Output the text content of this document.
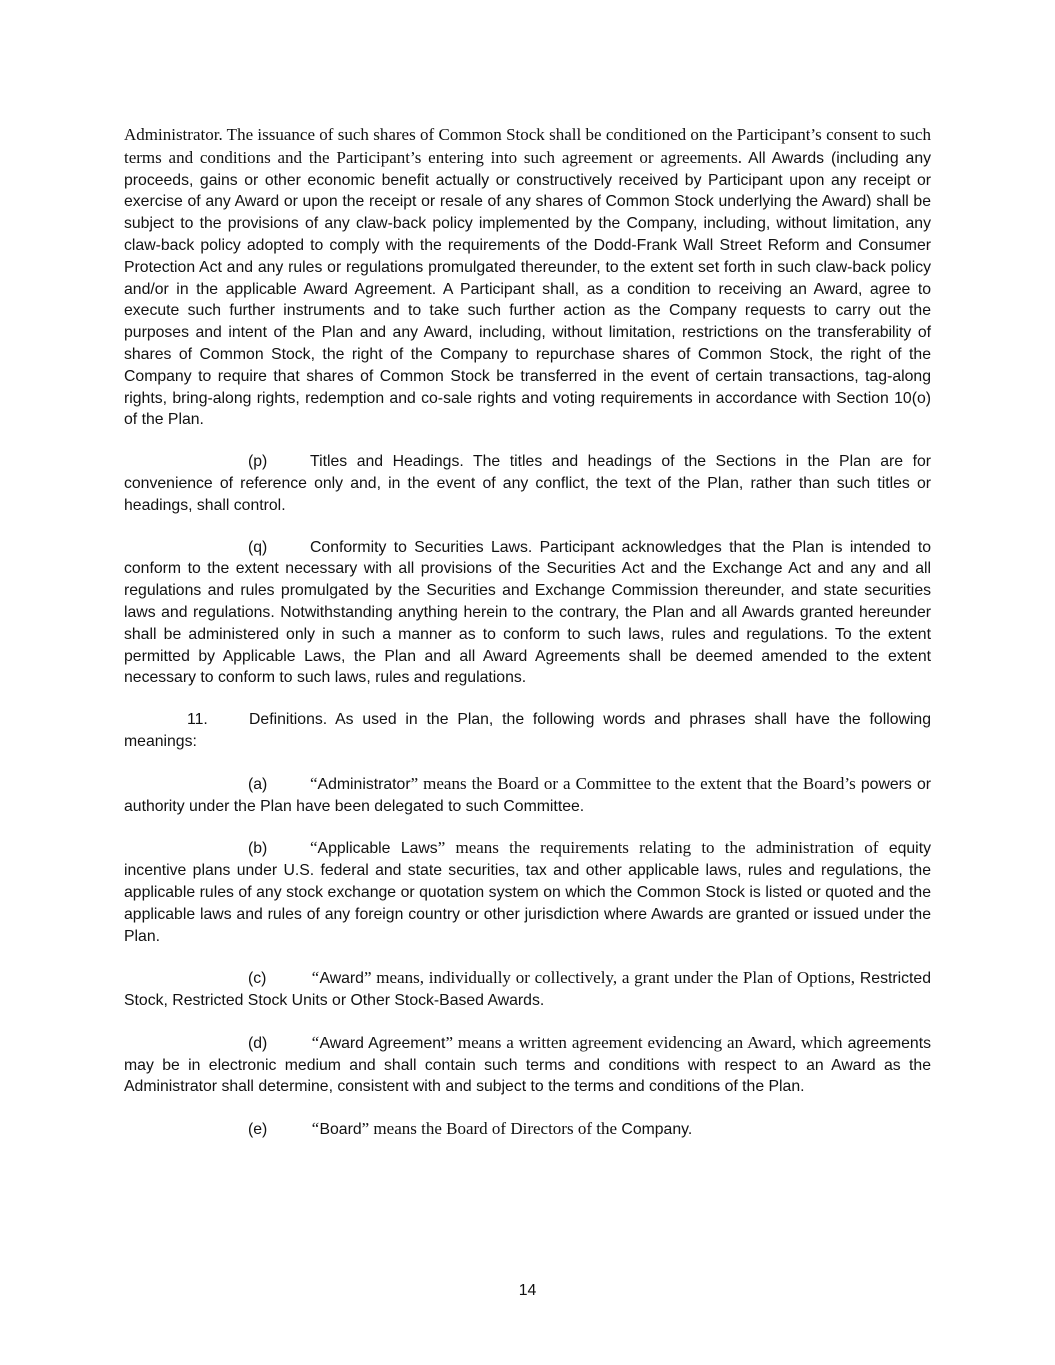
Administrator. The issuance of such shares of Common Stock shall be conditioned on the Participant’s consent to such terms and conditions and the Participant’s entering into such agreement or agreements. All Awards (including any proceeds, gains or other economic benefit actually or constructively received by Participant upon any receipt or exercise of any Award or upon the receipt or resale of any shares of Common Stock underlying the Award) shall be subject to the provisions of any claw-back policy implemented by the Company, including, without limitation, any claw-back policy adopted to comply with the requirements of the Dodd-Frank Wall Street Reform and Consumer Protection Act and any rules or regulations promulgated thereunder, to the extent set forth in such claw-back policy and/or in the applicable Award Agreement. A Participant shall, as a condition to receiving an Award, agree to execute such further instruments and to take such further action as the Company requests to carry out the purposes and intent of the Plan and any Award, including, without limitation, restrictions on the transferability of shares of Common Stock, the right of the Company to repurchase shares of Common Stock, the right of the Company to require that shares of Common Stock be transferred in the event of certain transactions, tag-along rights, bring-along rights, redemption and co-sale rights and voting requirements in accordance with Section 10(o) of the Plan.

(p)	Titles and Headings. The titles and headings of the Sections in the Plan are for convenience of reference only and, in the event of any conflict, the text of the Plan, rather than such titles or headings, shall control.

(q)	Conformity to Securities Laws. Participant acknowledges that the Plan is intended to conform to the extent necessary with all provisions of the Securities Act and the Exchange Act and any and all regulations and rules promulgated by the Securities and Exchange Commission thereunder, and state securities laws and regulations. Notwithstanding anything herein to the contrary, the Plan and all Awards granted hereunder shall be administered only in such a manner as to conform to such laws, rules and regulations. To the extent permitted by Applicable Laws, the Plan and all Award Agreements shall be deemed amended to the extent necessary to conform to such laws, rules and regulations.

11.	Definitions. As used in the Plan, the following words and phrases shall have the following meanings:

(a)	“Administrator” means the Board or a Committee to the extent that the Board’s powers or authority under the Plan have been delegated to such Committee.

(b)	“Applicable Laws” means the requirements relating to the administration of equity incentive plans under U.S. federal and state securities, tax and other applicable laws, rules and regulations, the applicable rules of any stock exchange or quotation system on which the Common Stock is listed or quoted and the applicable laws and rules of any foreign country or other jurisdiction where Awards are granted or issued under the Plan.

(c)	“Award” means, individually or collectively, a grant under the Plan of Options, Restricted Stock, Restricted Stock Units or Other Stock-Based Awards.

(d)	“Award Agreement” means a written agreement evidencing an Award, which agreements may be in electronic medium and shall contain such terms and conditions with respect to an Award as the Administrator shall determine, consistent with and subject to the terms and conditions of the Plan.

(e)	“Board” means the Board of Directors of the Company.

14
